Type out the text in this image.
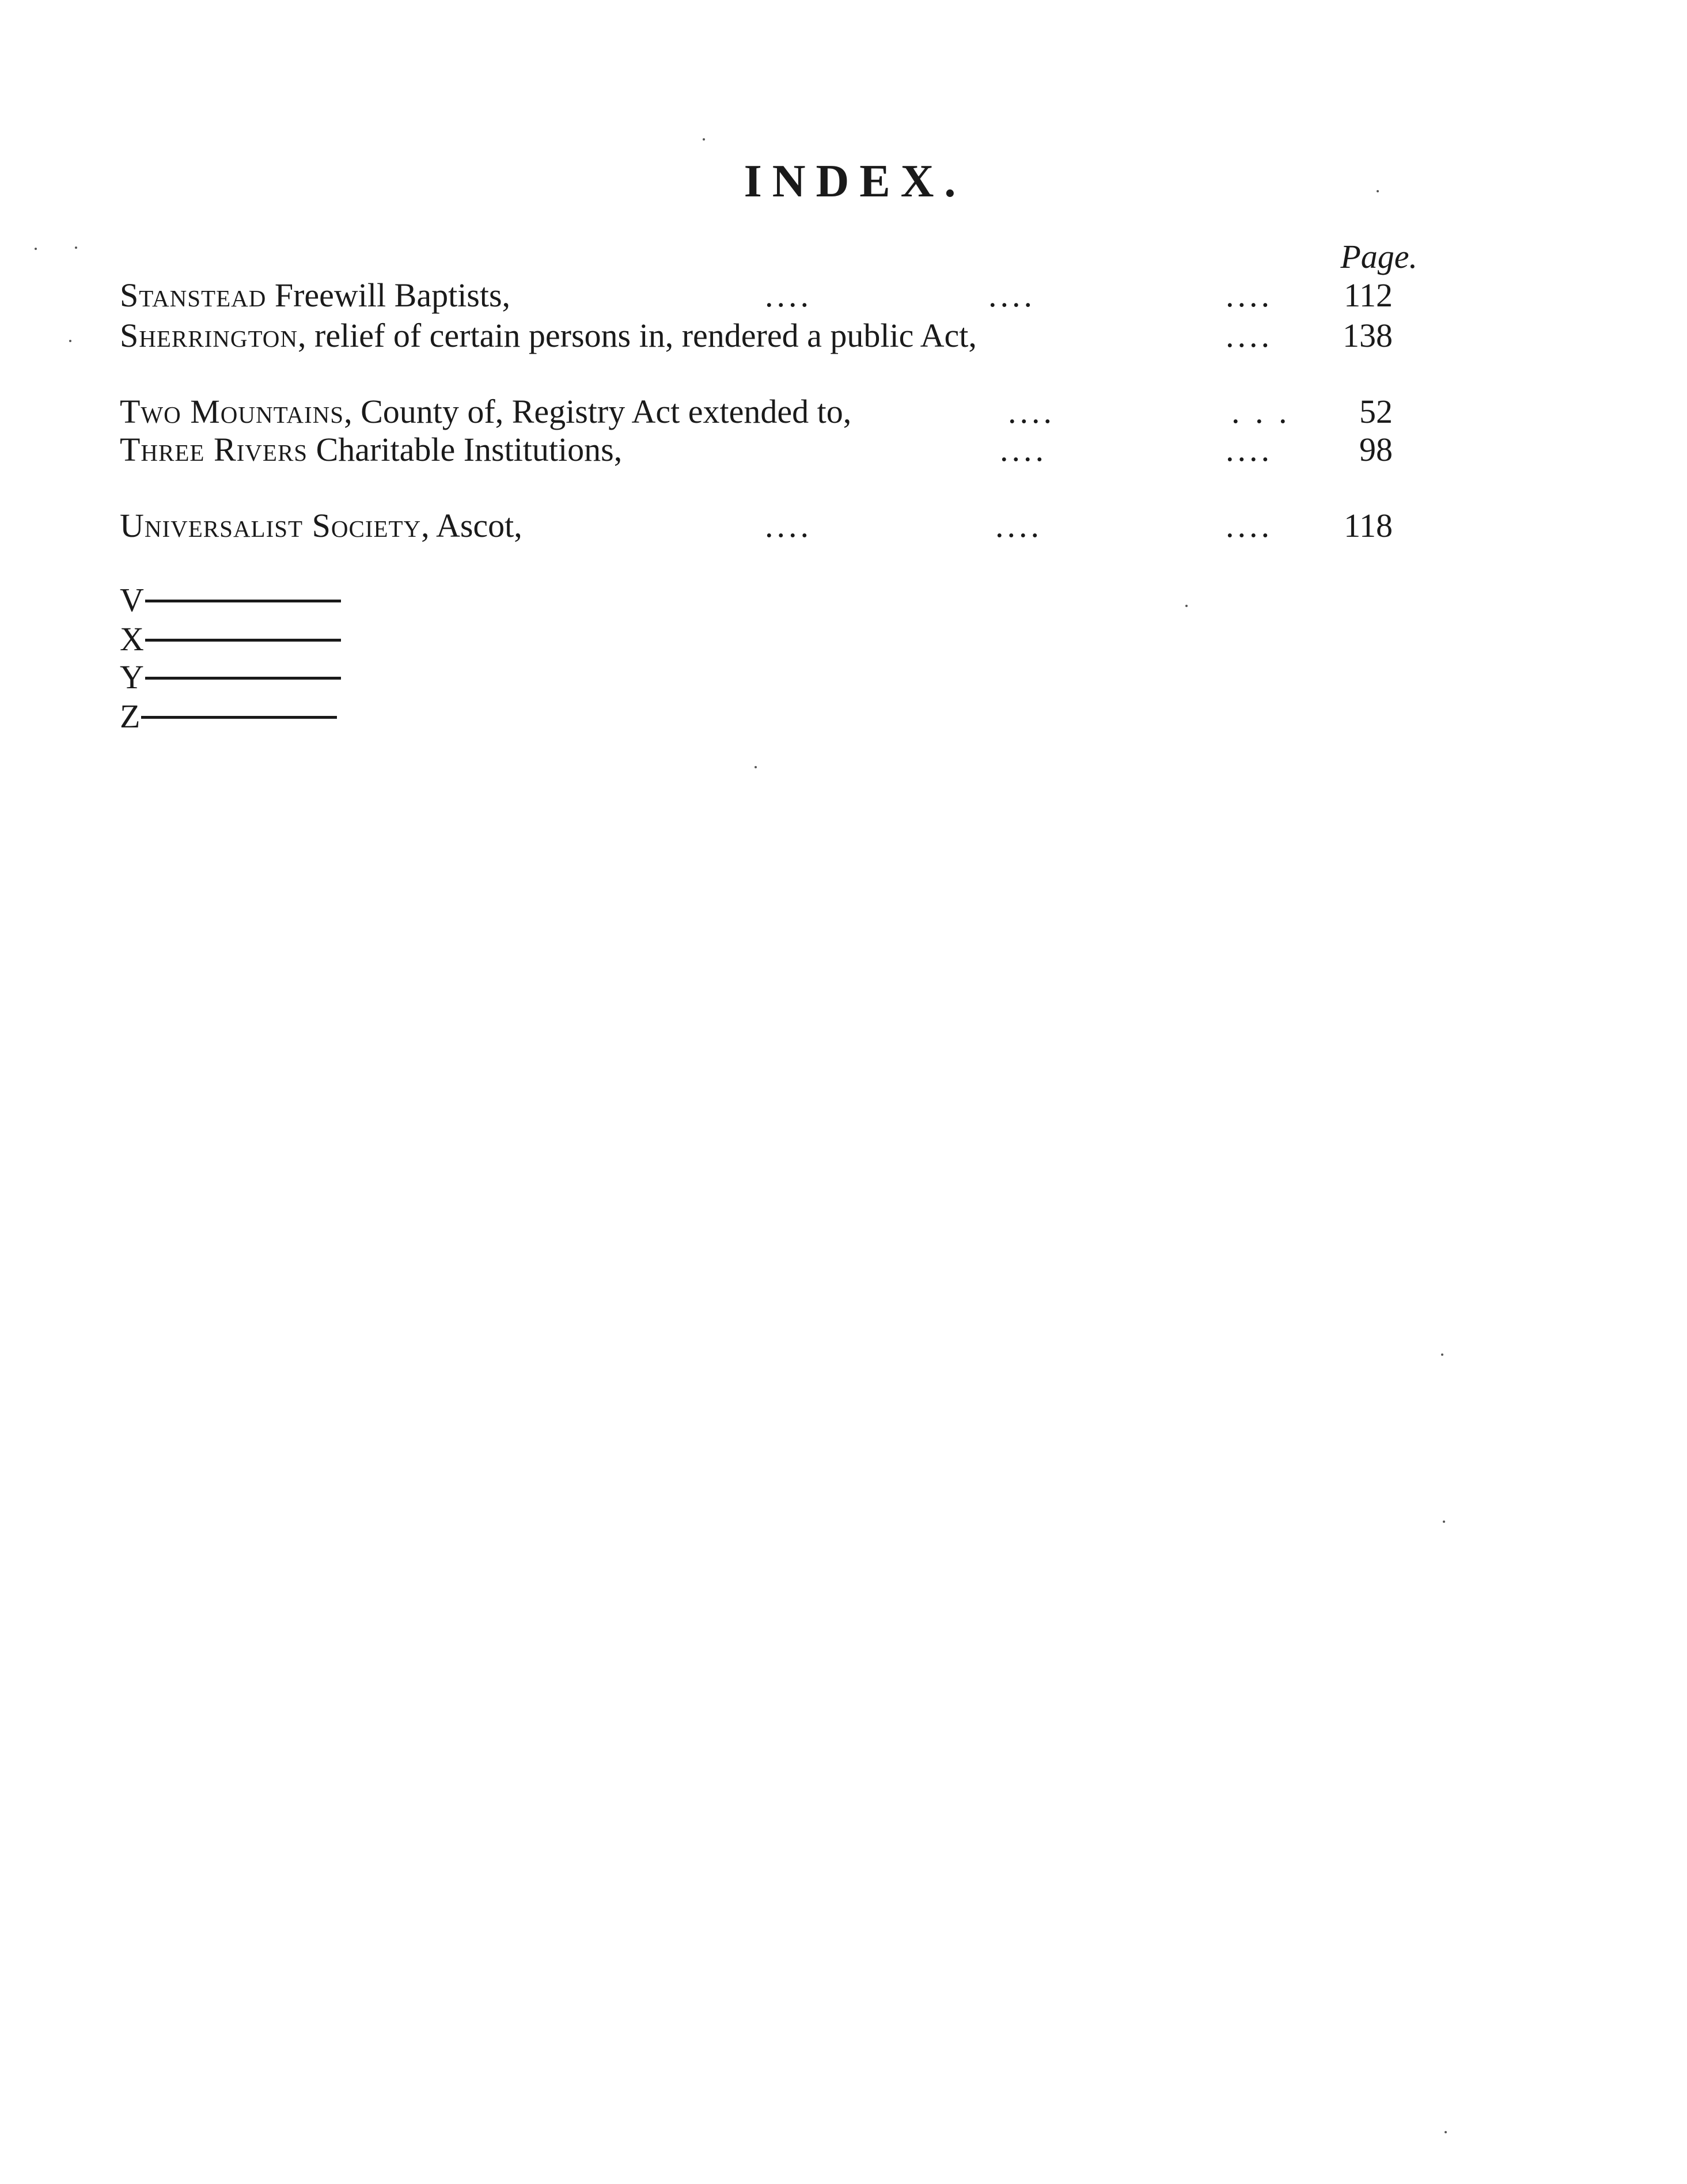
INDEX.
Page.
Stanstead Freewill Baptists,	....	....	....	112
Sherrington, relief of certain persons in, rendered a public Act,	....	138
Two Mountains, County of, Registry Act extended to,	....	. . .	52
Three Rivers Charitable Institutions,	....	....	98
Universalist Society, Ascot,	....	....	....	118
V
X
Y
Z
